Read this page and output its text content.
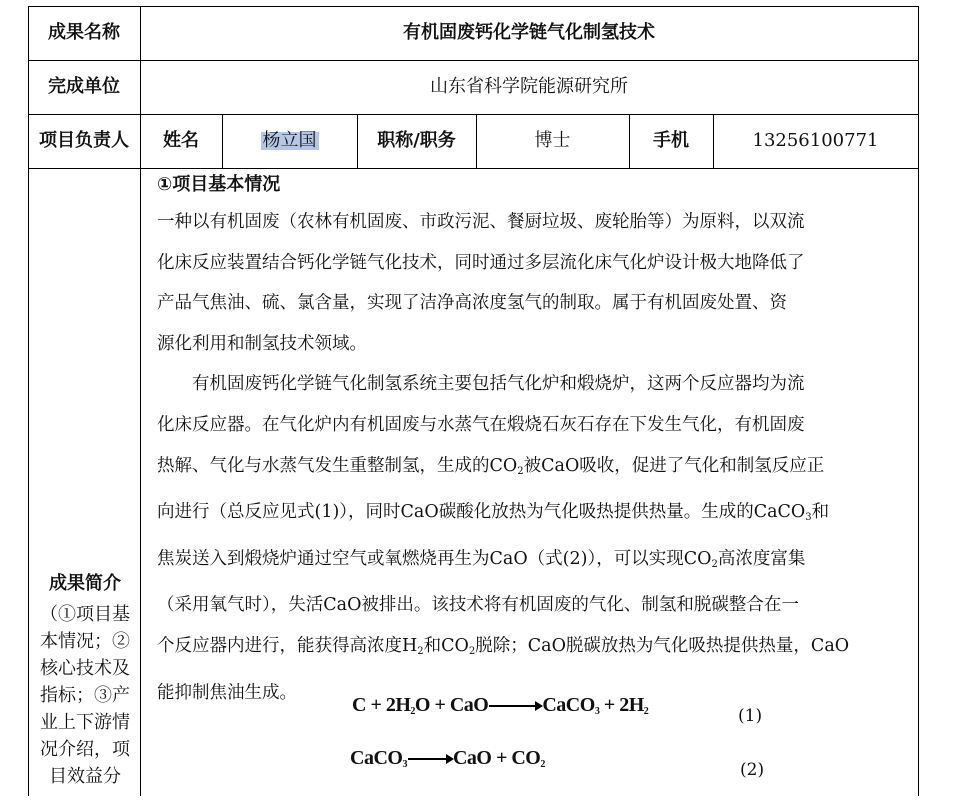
成果名称	有机固废钙化学链气化制氢技术
完成单位	山东省科学院能源研究所
项目负责人	姓名	杨立国	职称/职务	博士	手机	13256100771
成果简介
（①项目基
本情况；②
核心技术及
指标；③产
业上下游情
况介绍，项
目效益分
①项目基本情况

一种以有机固废（农林有机固废、市政污泥、餐厨垃圾、废轮胎等）为原料，以双流

化床反应装置结合钙化学链气化技术，同时通过多层流化床气化炉设计极大地降低了

产品气焦油、硫、氯含量，实现了洁净高浓度氢气的制取。属于有机固废处置、资

源化利用和制氢技术领域。

有机固废钙化学链气化制氢系统主要包括气化炉和煅烧炉，这两个反应器均为流

化床反应器。在气化炉内有机固废与水蒸气在煅烧石灰石存在下发生气化，有机固废

热解、气化与水蒸气发生重整制氢，生成的$CO_2$被CaO吸收，促进了气化和制氢反应正

向进行（总反应见式(1)），同时CaO碳酸化放热为气化吸热提供热量。生成的CaCO$_3$和

焦炭送入到煅烧炉通过空气或氧燃烧再生为CaO（式(2)），可以实现$CO_2$高浓度富集

（采用氧气时），失活CaO被排出。该技术将有机固废的气化、制氢和脱碳整合在一

个反应器内进行，能获得高浓度$H_2$和$CO_2$脱除；CaO脱碳放热为气化吸热提供热量，CaO

能抑制焦油生成。

$C + 2H_2O$ + CaO→CaCO$_3$ + $2H_2$	(1)
CaCO$_3$→CaO + $CO_2$	(2)
